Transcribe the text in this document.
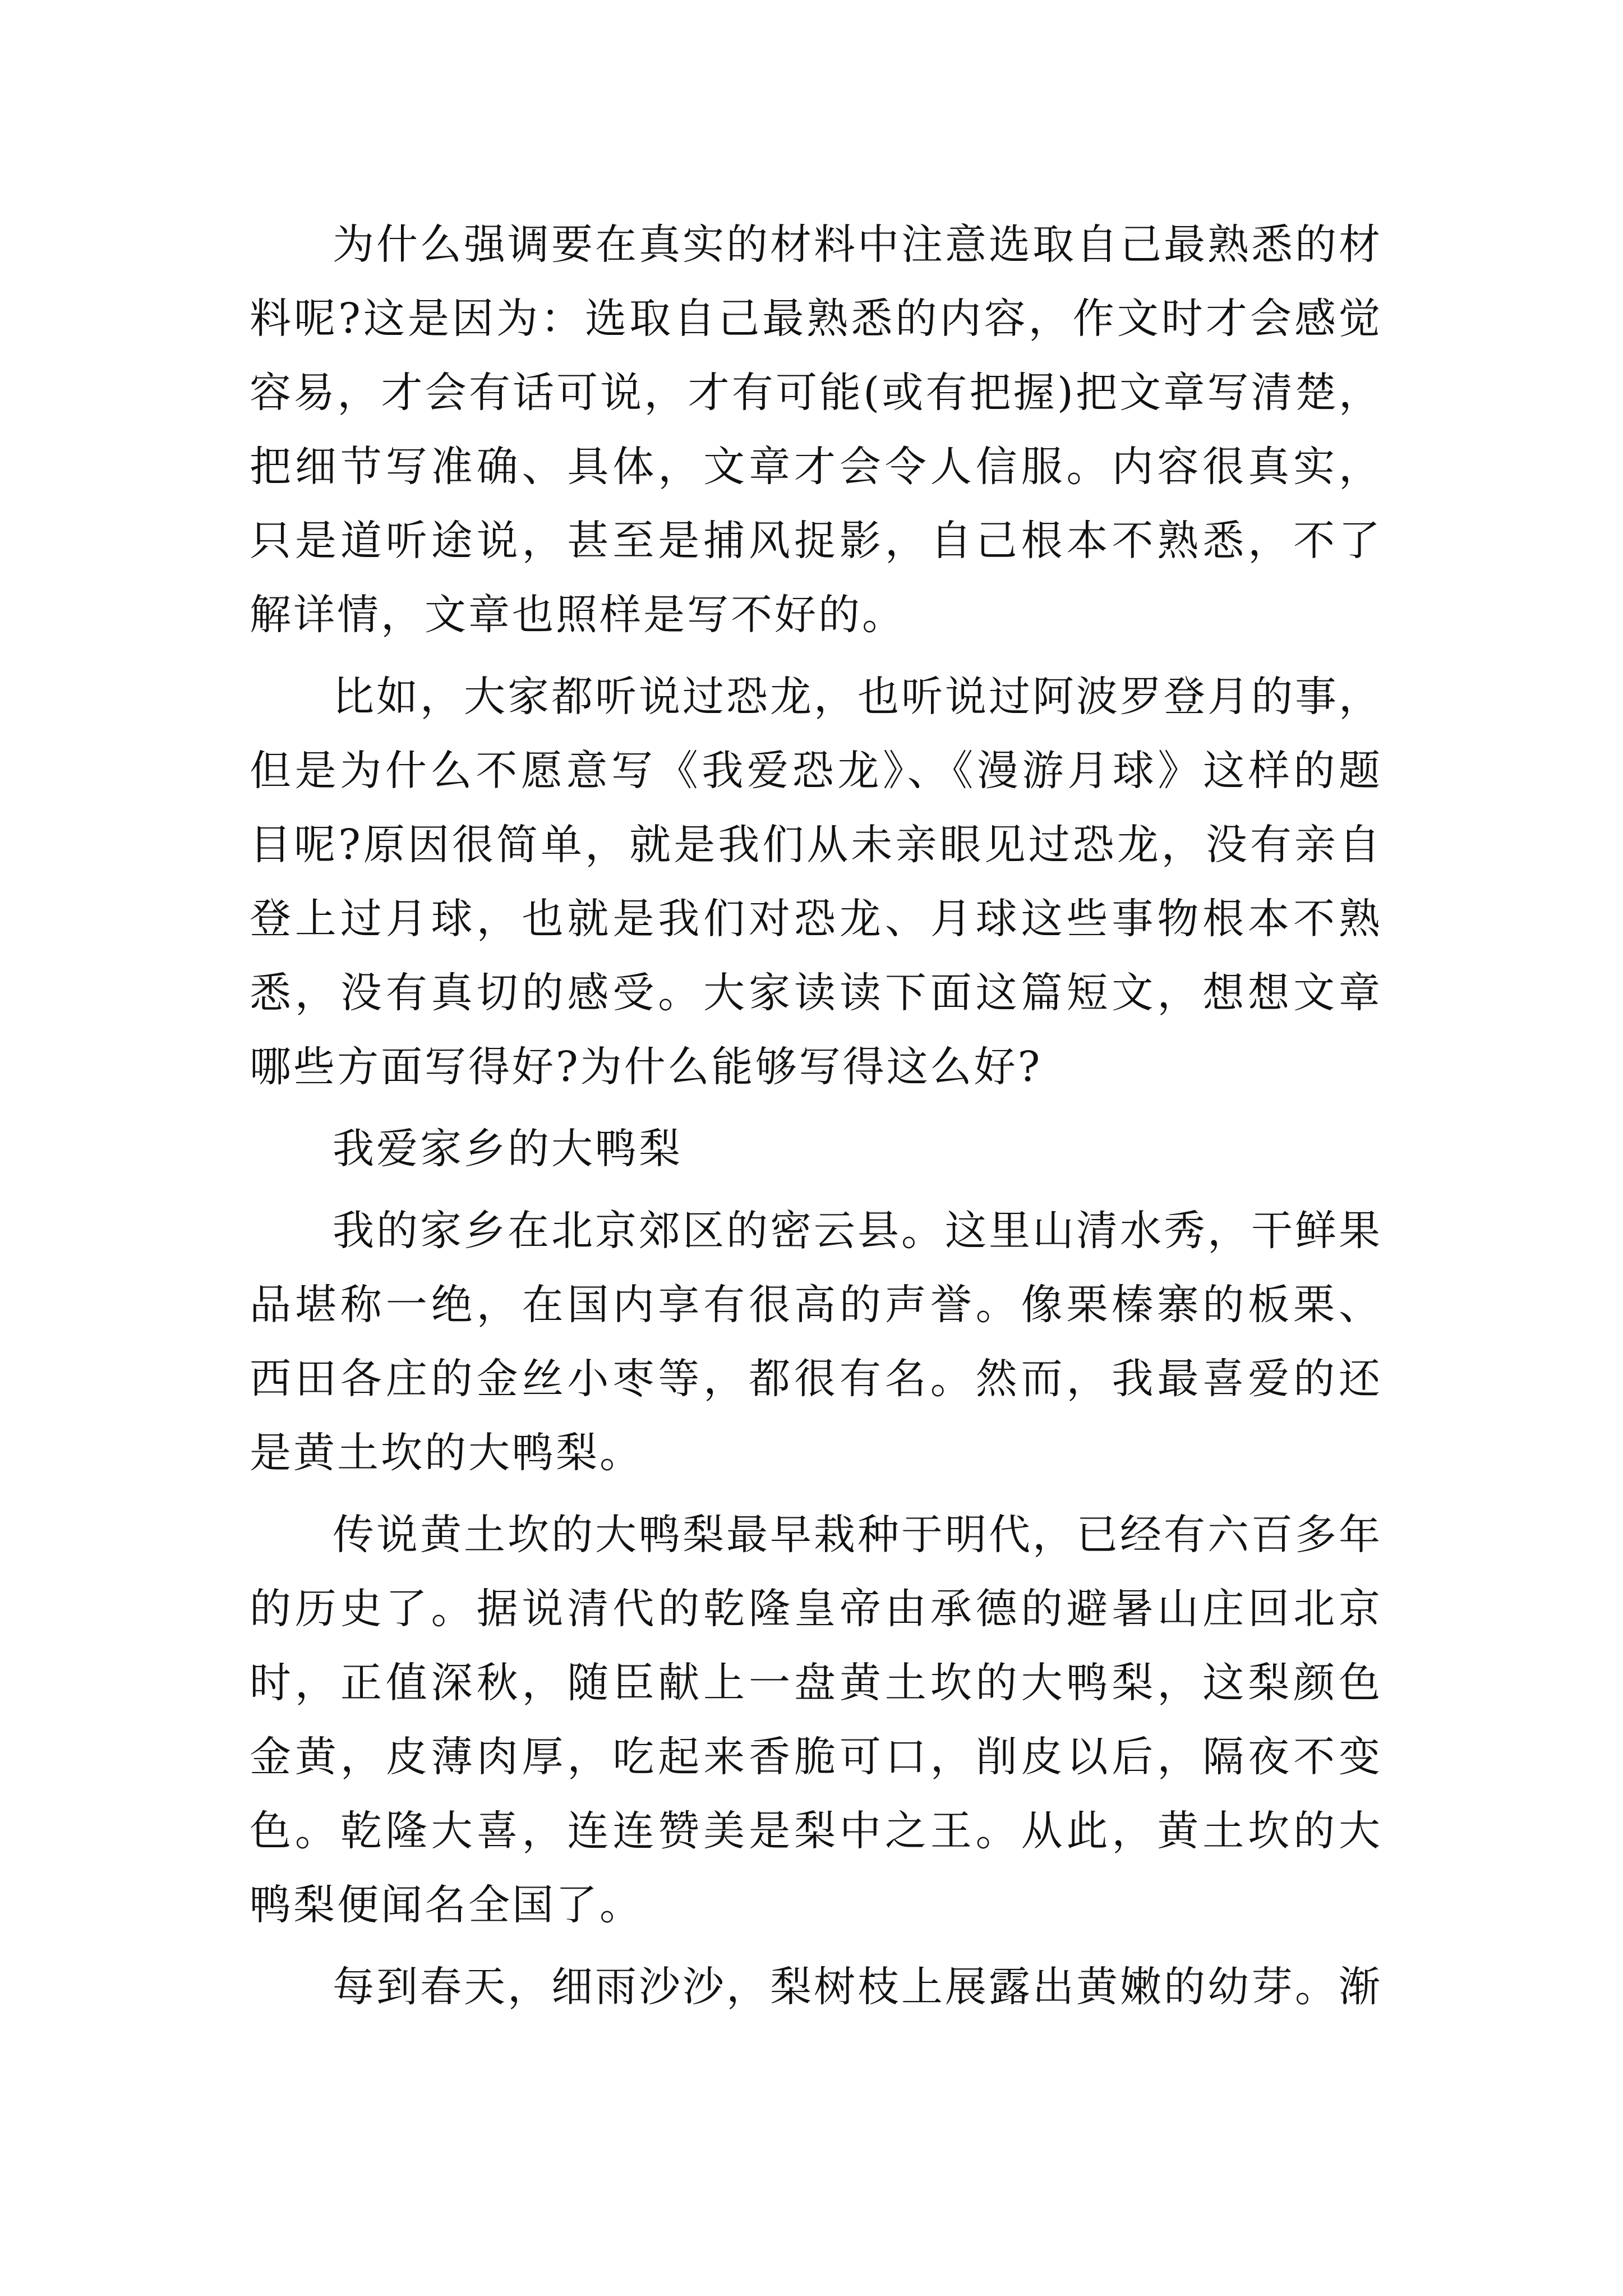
为什么强调要在真实的材料中注意选取自己最熟悉的材料呢?这是因为：选取自己最熟悉的内容，作文时才会感觉容易，才会有话可说，才有可能(或有把握)把文章写清楚，把细节写准确、具体，文章才会令人信服。内容很真实，只是道听途说，甚至是捕风捉影，自己根本不熟悉，不了解详情，文章也照样是写不好的。

比如，大家都听说过恐龙，也听说过阿波罗登月的事，但是为什么不愿意写《我爱恐龙》、《漫游月球》这样的题目呢?原因很简单，就是我们从未亲眼见过恐龙，没有亲自登上过月球，也就是我们对恐龙、月球这些事物根本不熟悉，没有真切的感受。大家读读下面这篇短文，想想文章哪些方面写得好?为什么能够写得这么好?

我爱家乡的大鸭梨

我的家乡在北京郊区的密云县。这里山清水秀，干鲜果品堪称一绝，在国内享有很高的声誉。像栗榛寨的板栗、西田各庄的金丝小枣等，都很有名。然而，我最喜爱的还是黄土坎的大鸭梨。

传说黄土坎的大鸭梨最早栽种于明代，已经有六百多年的历史了。据说清代的乾隆皇帝由承德的避暑山庄回北京时，正值深秋，随臣献上一盘黄土坎的大鸭梨，这梨颜色金黄，皮薄肉厚，吃起来香脆可口，削皮以后，隔夜不变色。乾隆大喜，连连赞美是梨中之王。从此，黄土坎的大鸭梨便闻名全国了。

每到春天，细雨沙沙，梨树枝上展露出黄嫩的幼芽。渐
